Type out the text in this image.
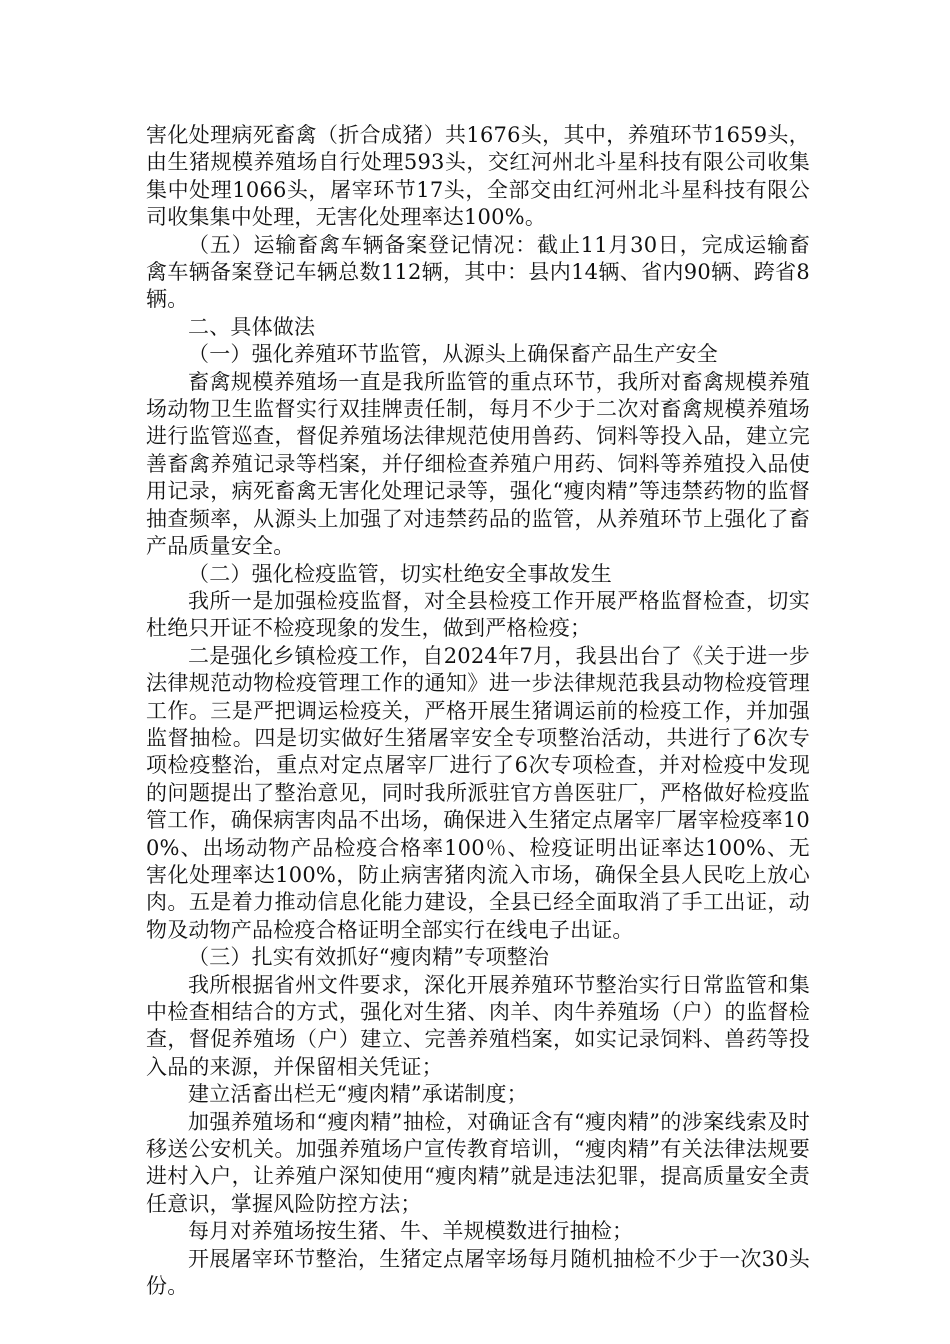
害化处理病死畜禽（折合成猪）共1676头，其中，养殖环节1659头，由生猪规模养殖场自行处理593头，交红河州北斗星科技有限公司收集集中处理1066头，屠宰环节17头，全部交由红河州北斗星科技有限公司收集集中处理，无害化处理率达100%。

（五）运输畜禽车辆备案登记情况：截止11月30日，完成运输畜禽车辆备案登记车辆总数112辆，其中：县内14辆、省内90辆、跨省8辆。

二、具体做法

（一）强化养殖环节监管，从源头上确保畜产品生产安全

畜禽规模养殖场一直是我所监管的重点环节，我所对畜禽规模养殖场动物卫生监督实行双挂牌责任制，每月不少于二次对畜禽规模养殖场进行监管巡查，督促养殖场法律规范使用兽药、饲料等投入品，建立完善畜禽养殖记录等档案，并仔细检查养殖户用药、饲料等养殖投入品使用记录，病死畜禽无害化处理记录等，强化“瘦肉精”等违禁药物的监督抽查频率，从源头上加强了对违禁药品的监管，从养殖环节上强化了畜产品质量安全。

（二）强化检疫监管，切实杜绝安全事故发生

我所一是加强检疫监督，对全县检疫工作开展严格监督检查，切实杜绝只开证不检疫现象的发生，做到严格检疫；

二是强化乡镇检疫工作，自2024年7月，我县出台了《关于进一步法律规范动物检疫管理工作的通知》进一步法律规范我县动物检疫管理工作。三是严把调运检疫关，严格开展生猪调运前的检疫工作，并加强监督抽检。四是切实做好生猪屠宰安全专项整治活动，共进行了6次专项检疫整治，重点对定点屠宰厂进行了6次专项检查，并对检疫中发现的问题提出了整治意见，同时我所派驻官方兽医驻厂，严格做好检疫监管工作，确保病害肉品不出场，确保进入生猪定点屠宰厂屠宰检疫率100%、出场动物产品检疫合格率100％、检疫证明出证率达100%、无害化处理率达100%，防止病害猪肉流入市场，确保全县人民吃上放心肉。五是着力推动信息化能力建设，全县已经全面取消了手工出证，动物及动物产品检疫合格证明全部实行在线电子出证。

（三）扎实有效抓好“瘦肉精”专项整治

我所根据省州文件要求，深化开展养殖环节整治实行日常监管和集中检查相结合的方式，强化对生猪、肉羊、肉牛养殖场（户）的监督检查，督促养殖场（户）建立、完善养殖档案，如实记录饲料、兽药等投入品的来源，并保留相关凭证；

建立活畜出栏无“瘦肉精”承诺制度；

加强养殖场和“瘦肉精”抽检，对确证含有“瘦肉精”的涉案线索及时移送公安机关。加强养殖场户宣传教育培训，“瘦肉精”有关法律法规要进村入户，让养殖户深知使用“瘦肉精”就是违法犯罪，提高质量安全责任意识，掌握风险防控方法；

每月对养殖场按生猪、牛、羊规模数进行抽检；

开展屠宰环节整治，生猪定点屠宰场每月随机抽检不少于一次30头份。
